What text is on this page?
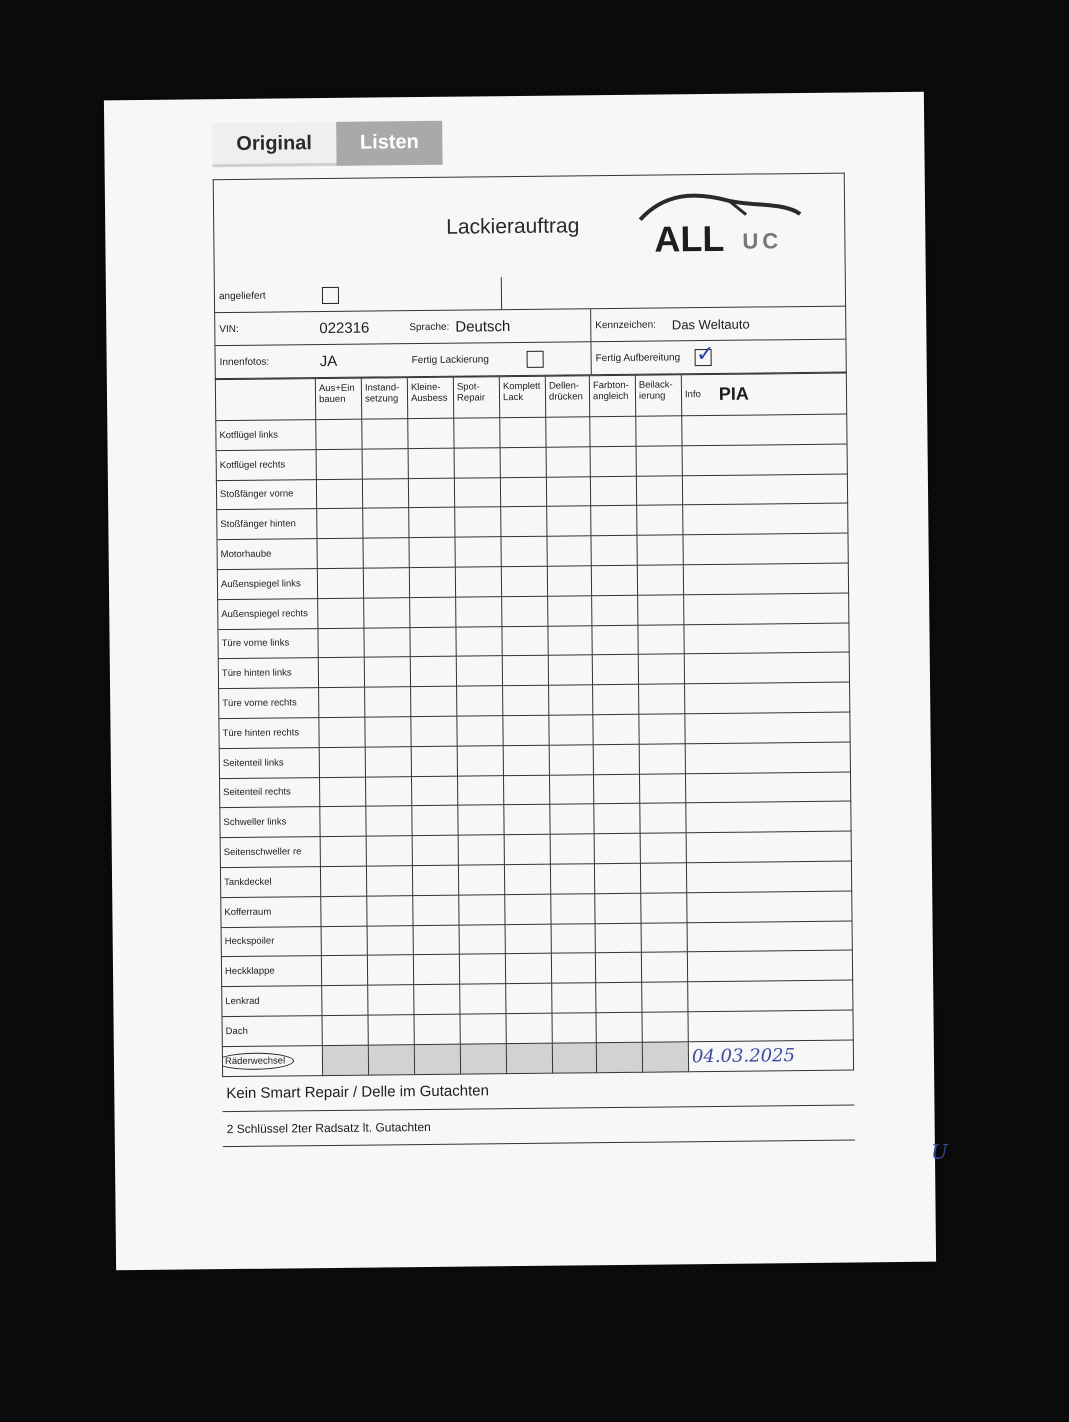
Original	Listen
Lackierauftrag ALL UC
angeliefert
VIN:	022316	Sprache: Deutsch	Kennzeichen: Das Weltauto
Innenfotos:	JA	Fertig Lackierung	Fertig Aufbereitung ✓
	Aus+Ein bauen	Instand- setzung	Kleine- Ausbess	Spot- Repair	Komplett Lack	Dellen- drücken	Farbton- angleich	Beilack- ierung	Info PIA
Kotflügel links									
Kotflügel rechts									
Stoßfänger vorne									
Stoßfänger hinten									
Motorhaube									
Außenspiegel links									
Außenspiegel rechts									
Türe vorne links									
Türe hinten links									
Türe vorne rechts									
Türe hinten rechts									
Seitenteil links									
Seitenteil rechts									
Schweller links									
Seitenschweller re									
Tankdeckel									
Kofferraum									
Heckspoiler									
Heckklappe									
Lenkrad									
Dach									
Räderwechsel									04.03.2025
Kein Smart Repair / Delle im Gutachten
2 Schlüssel 2ter Radsatz lt. Gutachten
U
